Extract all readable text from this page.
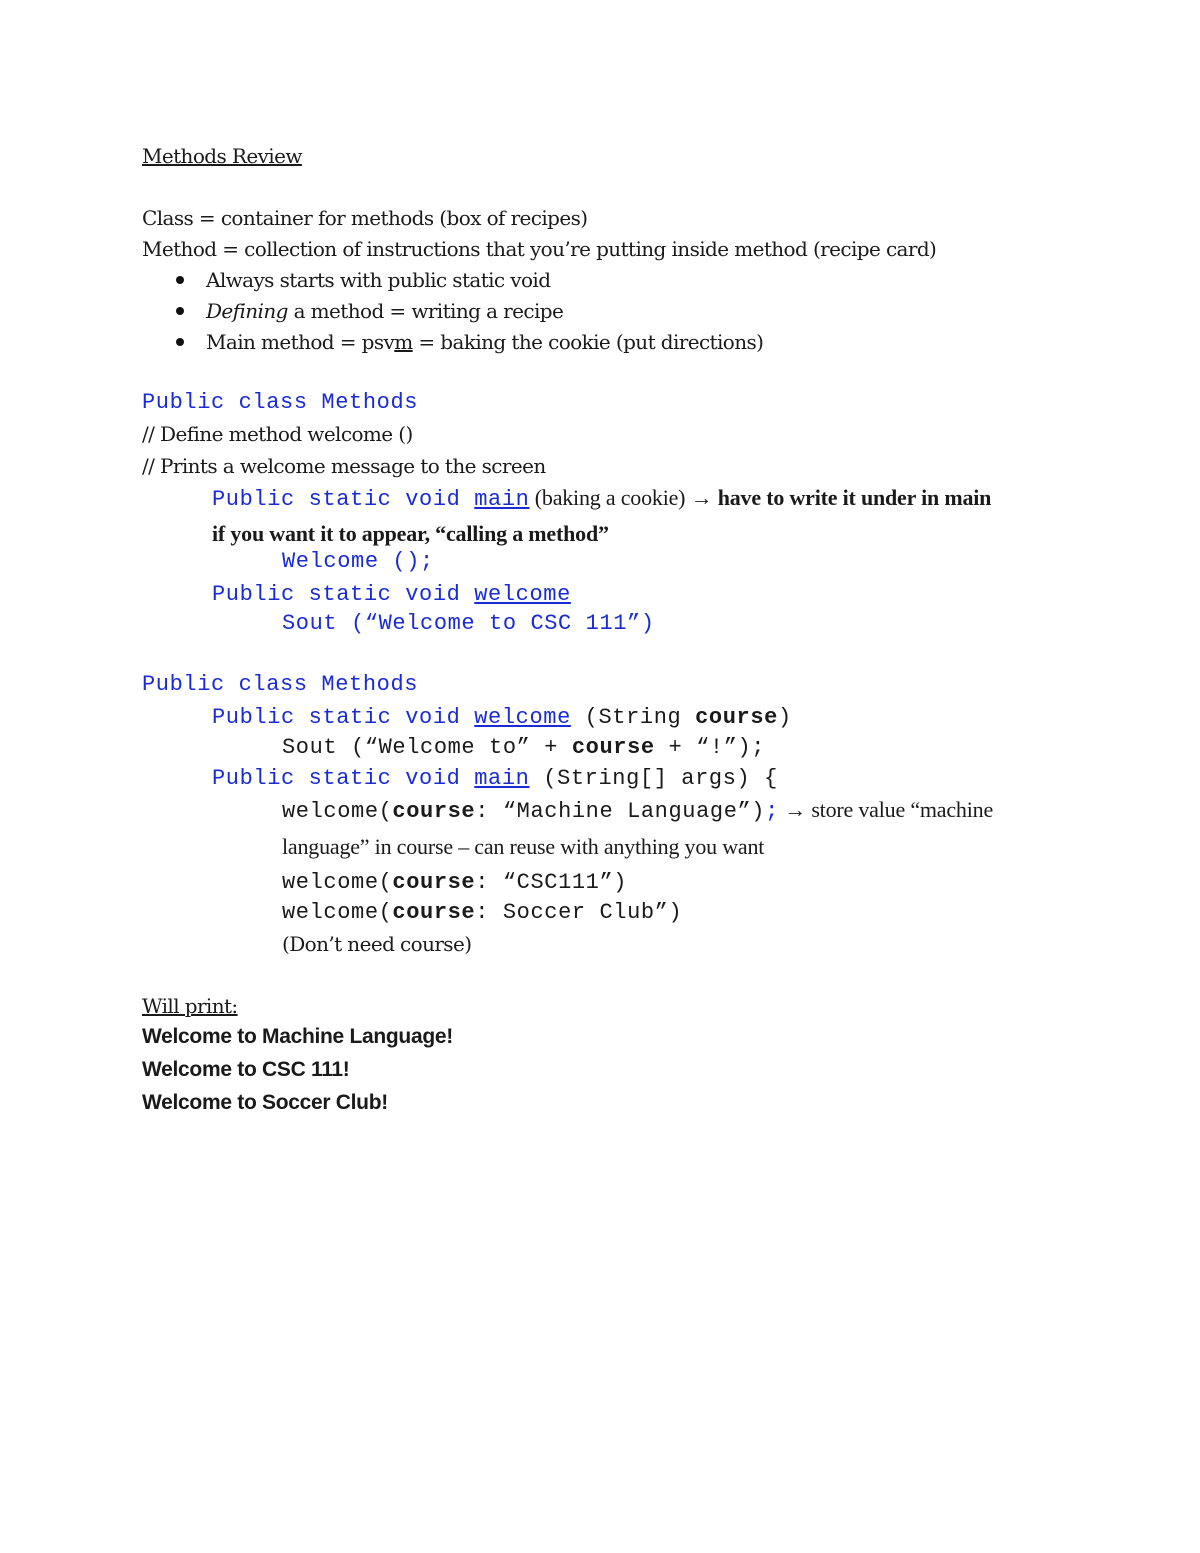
Methods Review
Class = container for methods (box of recipes)
Method = collection of instructions that you’re putting inside method (recipe card)
Always starts with public static void
Defining a method = writing a recipe
Main method = psvm = baking the cookie (put directions)
Public class Methods
// Define method welcome ()
// Prints a welcome message to the screen
Public static void main (baking a cookie) → have to write it under in main
if you want it to appear, “calling a method”
Welcome ();
Public static void welcome
Sout (“Welcome to CSC 111”)
Public class Methods
Public static void welcome (String course)
Sout (“Welcome to” + course + “!”);
Public static void main (String[] args) {
welcome(course: “Machine Language”); → store value “machine
language” in course – can reuse with anything you want
welcome(course: “CSC111”)
welcome(course: Soccer Club”)
(Don’t need course)
Will print:
Welcome to Machine Language!
Welcome to CSC 111!
Welcome to Soccer Club!
